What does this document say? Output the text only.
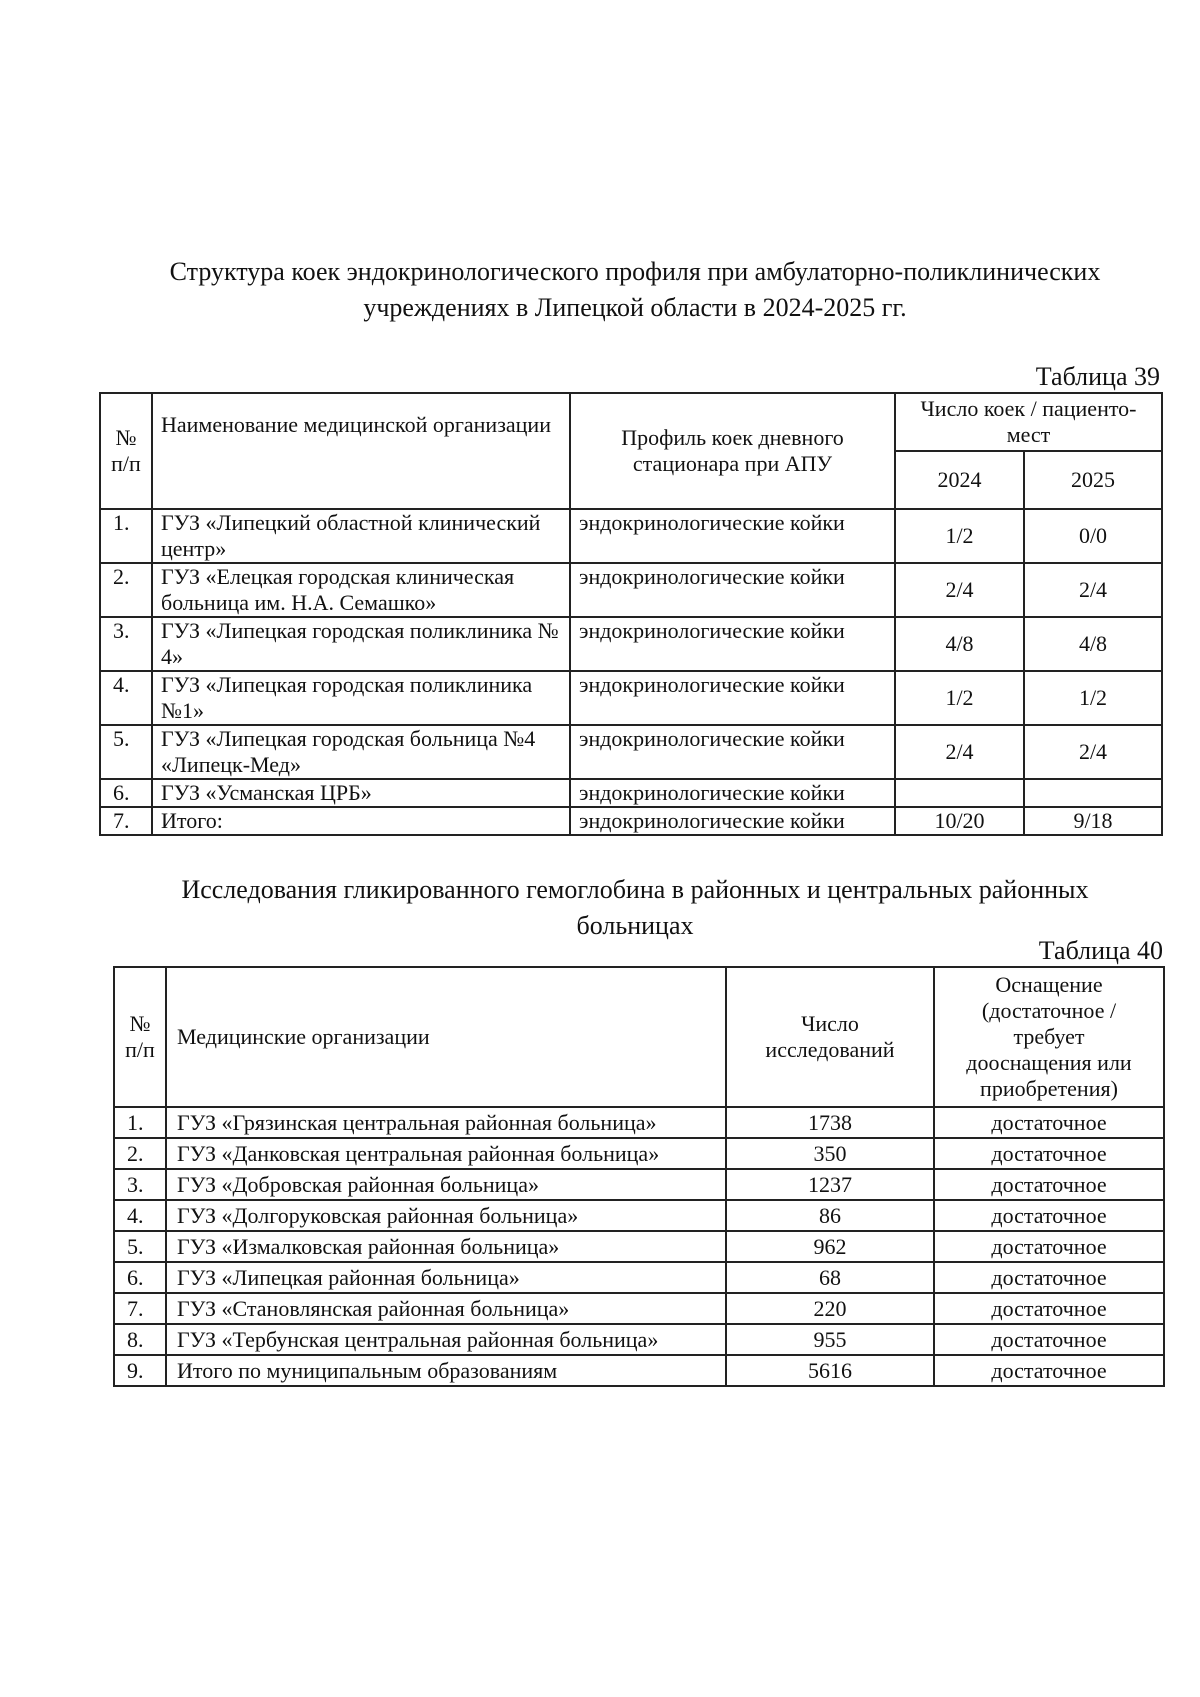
Структура коек эндокринологического профиля при амбулаторно-поликлинических
учреждениях в Липецкой области в 2024-2025 гг.
Таблица 39
№ п/п	Наименование медицинской организации	Профиль коек дневного стационара при АПУ	Число коек / пациенто-мест	
			2024	2025
1.	ГУЗ «Липецкий областной клинический центр»	эндокринологические койки	1/2	0/0
2.	ГУЗ «Елецкая городская клиническая больница им. Н.А. Семашко»	эндокринологические койки	2/4	2/4
3.	ГУЗ «Липецкая городская поликлиника № 4»	эндокринологические койки	4/8	4/8
4.	ГУЗ «Липецкая городская поликлиника №1»	эндокринологические койки	1/2	1/2
5.	ГУЗ «Липецкая городская больница №4 «Липецк-Мед»	эндокринологические койки	2/4	2/4
6.	ГУЗ «Усманская ЦРБ»	эндокринологические койки		
7.	Итого:	эндокринологические койки	10/20	9/18
Исследования гликированного гемоглобина в районных и центральных районных
больницах
Таблица 40
№ п/п	Медицинские организации	Число исследований	Оснащение (достаточное / требует дооснащения или приобретения)
1.	ГУЗ «Грязинская центральная районная больница»	1738	достаточное
2.	ГУЗ «Данковская центральная районная больница»	350	достаточное
3.	ГУЗ «Добровская районная больница»	1237	достаточное
4.	ГУЗ «Долгоруковская районная больница»	86	достаточное
5.	ГУЗ «Измалковская районная больница»	962	достаточное
6.	ГУЗ «Липецкая районная больница»	68	достаточное
7.	ГУЗ «Становлянская районная больница»	220	достаточное
8.	ГУЗ «Тербунская центральная районная больница»	955	достаточное
9.	Итого по муниципальным образованиям	5616	достаточное
